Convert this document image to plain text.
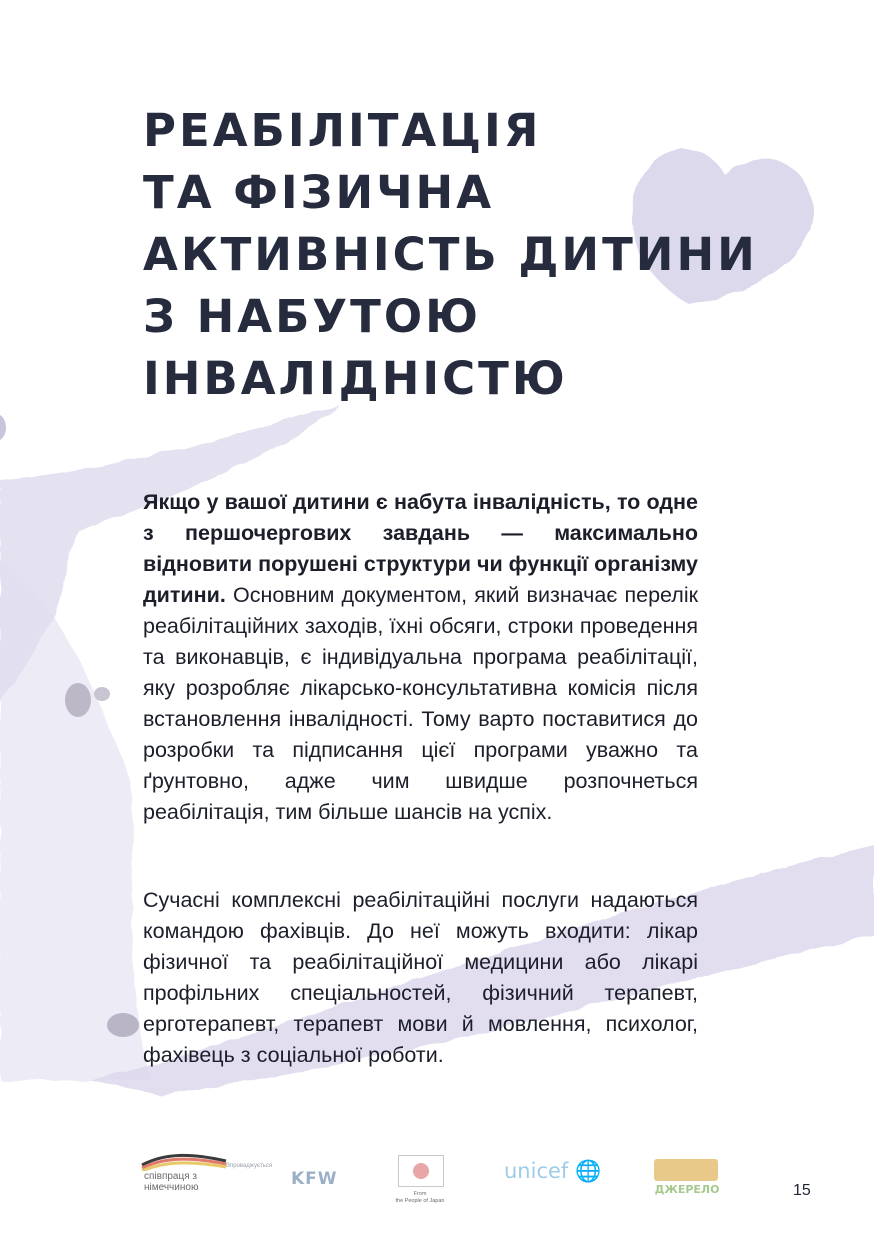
РЕАБІЛІТАЦІЯ
ТА ФІЗИЧНА
АКТИВНІСТЬ ДИТИНИ
З НАБУТОЮ
ІНВАЛІДНІСТЮ

Якщо у вашої дитини є набута інвалідність, то одне з першочергових завдань — максимально відновити порушені структури чи функції організму дитини. Основним документом, який визначає перелік реабілітаційних заходів, їхні обсяги, строки проведення та виконавців, є індивідуальна програма реабілітації, яку розробляє лікарсько-консультативна комісія після встановлення інвалідності. Тому варто поставитися до розробки та підписання цієї програми уважно та ґрунтовно, адже чим швидше розпочнеться реабілітація, тим більше шансів на успіх.

Сучасні комплексні реабілітаційні послуги надаються командою фахівців. До неї можуть входити: лікар фізичної та реабілітаційної медицини або лікарі профільних спеціальностей, фізичний терапевт, ерготерапевт, терапевт мови й мовлення, психолог, фахівець з соціальної роботи.

співпраця з
німеччиною
Впроваджується
KFW
From
the People of Japan
unicef 🌐
ДЖЕРЕЛО	15
